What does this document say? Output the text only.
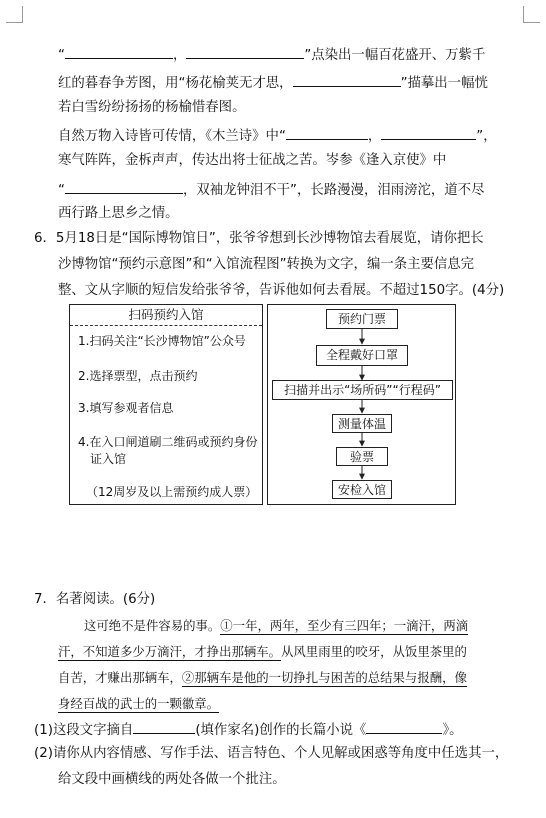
“	，	”点染出一幅百花盛开、万紫千
红的暮春争芳图，用“杨花榆荚无才思，	”描摹出一幅恍
若白雪纷纷扬扬的杨榆惜春图。
自然万物入诗皆可传情，《木兰诗》中“	，	”，
寒气阵阵，金柝声声，传达出将士征战之苦。岑参《逢入京使》中
“	，双袖龙钟泪不干”，长路漫漫，泪雨滂沱，道不尽
西行路上思乡之情。
6．5月18日是“国际博物馆日”，张爷爷想到长沙博物馆去看展览，请你把长
沙博物馆“预约示意图”和“入馆流程图”转换为文字，编一条主要信息完
整、文从字顺的短信发给张爷爷，告诉他如何去看展。不超过150字。(4分)
扫码预约入馆
1.扫码关注“长沙博物馆”公众号
2.选择票型，点击预约
3.填写参观者信息
4.在入口闸道刷二维码或预约身份
证入馆
（12周岁及以上需预约成人票）
预约门票
全程戴好口罩
扫描并出示“场所码”“行程码”
测量体温
验票
安检入馆
7．名著阅读。(6分)
这可绝不是件容易的事。①一年，两年，至少有三四年；一滴汗，两滴
汗，不知道多少万滴汗，才挣出那辆车。从风里雨里的咬牙，从饭里茶里的
自苦，才赚出那辆车，②那辆车是他的一切挣扎与困苦的总结果与报酬，像
身经百战的武士的一颗徽章。
(1)这段文字摘自	(填作家名)创作的长篇小说《	》。
(2)请你从内容情感、写作手法、语言特色、个人见解或困惑等角度中任选其一，
给文段中画横线的两处各做一个批注。
